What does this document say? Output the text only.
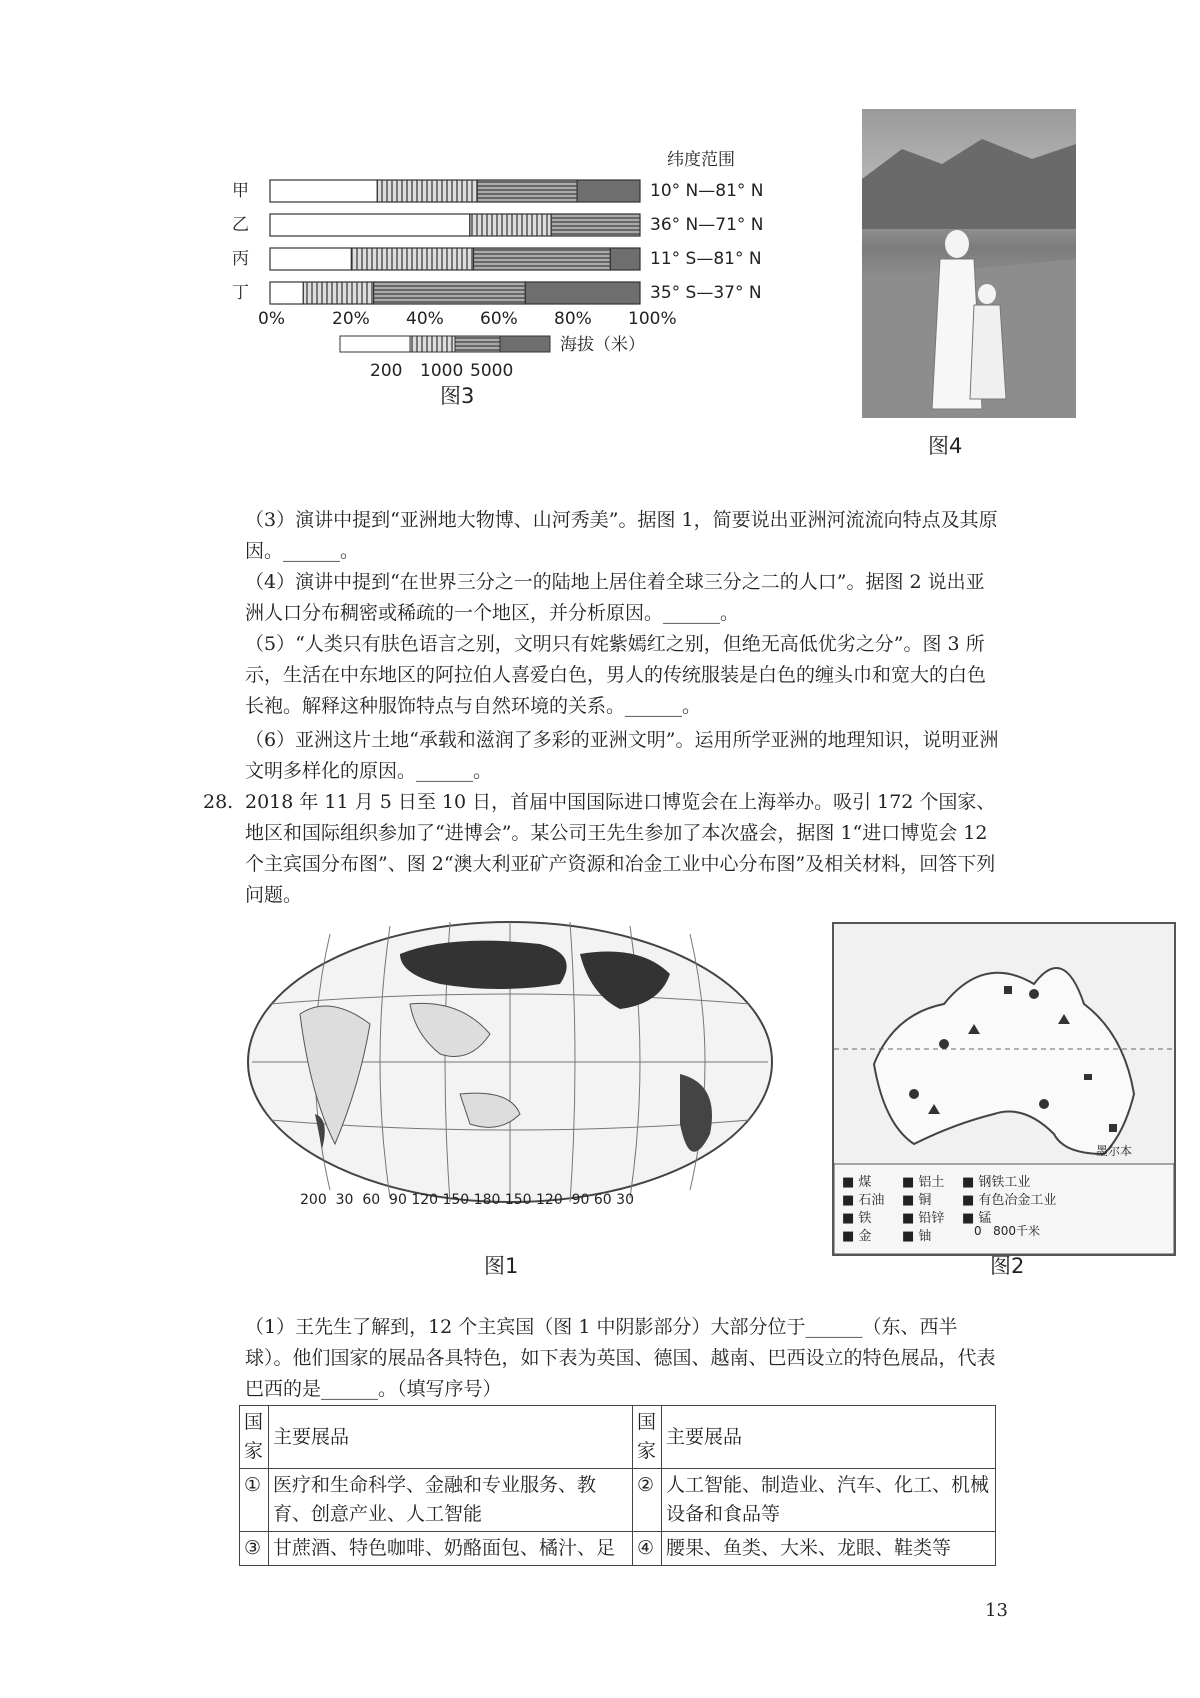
纬度范围
甲	10° N—81° N
乙	36° N—71° N
丙	11° S—81° N
丁	35° S—37° N
0%	20% 40% 60% 80% 100%
海拔（米）
200 1000 5000
图3
图4
（3）演讲中提到“亚洲地大物博、山河秀美”。据图 1，简要说出亚洲河流流向特点及其原因。______。
（4）演讲中提到“在世界三分之一的陆地上居住着全球三分之二的人口”。据图 2 说出亚洲人口分布稠密或稀疏的一个地区，并分析原因。______。
（5）“人类只有肤色语言之别，文明只有姹紫嫣红之别，但绝无高低优劣之分”。图 3 所示，生活在中东地区的阿拉伯人喜爱白色，男人的传统服装是白色的缠头巾和宽大的白色长袍。解释这种服饰特点与自然环境的关系。______。
（6）亚洲这片土地“承载和滋润了多彩的亚洲文明”。运用所学亚洲的地理知识，说明亚洲文明多样化的原因。______。
28. 2018 年 11 月 5 日至 10 日，首届中国国际进口博览会在上海举办。吸引 172 个国家、地区和国际组织参加了“进博会”。某公司王先生参加了本次盛会，据图 1“进口博览会 12 个主宾国分布图”、图 2“澳大利亚矿产资源和冶金工业中心分布图”及相关材料，回答下列问题。
200  30  60  90 120 150 180 150 120  90 60 30
图1
■ 煤	■ 铝土	■ 钢铁工业
■ 石油	■ 铜	■ 有色冶金工业
■ 铁	■ 铅锌	■ 锰
■ 金	■ 铀	0   800千米
墨尔本
图2
（1）王先生了解到，12 个主宾国（图 1 中阴影部分）大部分位于______（东、西半球）。他们国家的展品各具特色，如下表为英国、德国、越南、巴西设立的特色展品，代表巴西的是______。（填写序号）
国家	主要展品	国家	主要展品
①	医疗和生命科学、金融和专业服务、教育、创意产业、人工智能	②	人工智能、制造业、汽车、化工、机械设备和食品等
③	甘蔗酒、特色咖啡、奶酪面包、橘汁、足	④	腰果、鱼类、大米、龙眼、鞋类等
13
